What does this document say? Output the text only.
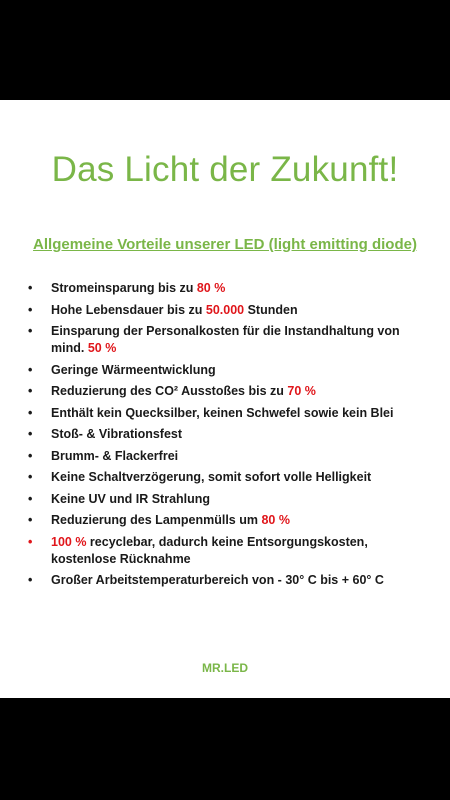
Das Licht der Zukunft!
Allgemeine Vorteile unserer LED (light emitting diode)
• Stromeinsparung bis zu 80 %
• Hohe Lebensdauer bis zu 50.000 Stunden
• Einsparung der Personalkosten für die Instandhaltung von mind. 50 %
• Geringe Wärmeentwicklung
• Reduzierung des CO² Ausstoßes bis zu 70 %
• Enthält kein Quecksilber, keinen Schwefel sowie kein Blei
• Stoß- & Vibrationsfest
• Brumm- & Flackerfrei
• Keine Schaltverzögerung, somit sofort volle Helligkeit
• Keine UV und IR Strahlung
• Reduzierung des Lampenmülls um 80 %
• 100 % recyclebar, dadurch keine Entsorgungskosten, kostenlose Rücknahme
• Großer Arbeitstemperaturbereich von - 30° C bis + 60° C
MR.LED
